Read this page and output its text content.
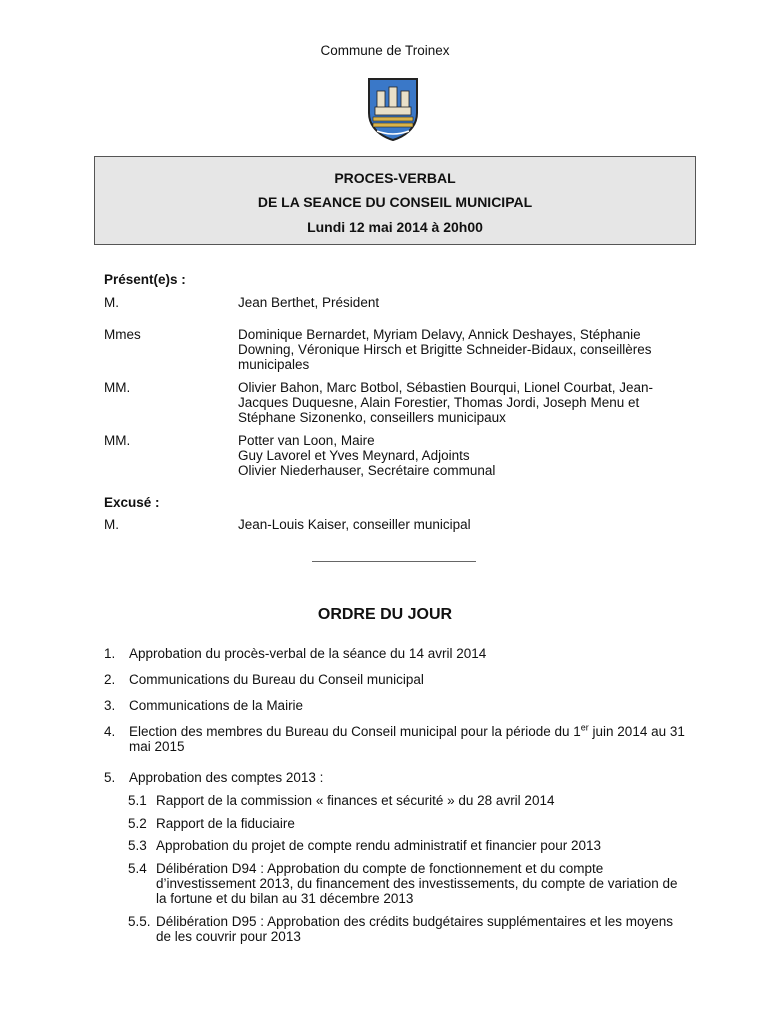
Commune de Troinex
PROCES-VERBAL
DE LA SEANCE DU CONSEIL MUNICIPAL
Lundi 12 mai 2014 à 20h00
Présent(e)s :
M.	Jean Berthet, Président
Mmes	Dominique Bernardet, Myriam Delavy, Annick Deshayes, Stéphanie Downing, Véronique Hirsch et Brigitte Schneider-Bidaux, conseillères municipales
MM.	Olivier Bahon, Marc Botbol, Sébastien Bourqui, Lionel Courbat, Jean-Jacques Duquesne, Alain Forestier, Thomas Jordi, Joseph Menu et Stéphane Sizonenko, conseillers municipaux
MM.	Potter van Loon, Maire
Guy Lavorel et Yves Meynard, Adjoints
Olivier Niederhauser, Secrétaire communal
Excusé :
M.	Jean-Louis Kaiser, conseiller municipal
ORDRE DU JOUR
1. Approbation du procès-verbal de la séance du 14 avril 2014
2. Communications du Bureau du Conseil municipal
3. Communications de la Mairie
4. Election des membres du Bureau du Conseil municipal pour la période du 1er juin 2014 au 31 mai 2015
5. Approbation des comptes 2013 :
5.1 Rapport de la commission « finances et sécurité » du 28 avril 2014
5.2 Rapport de la fiduciaire
5.3 Approbation du projet de compte rendu administratif et financier pour 2013
5.4 Délibération D94 : Approbation du compte de fonctionnement et du compte d’investissement 2013, du financement des investissements, du compte de variation de la fortune et du bilan au 31 décembre 2013
5.5. Délibération D95 : Approbation des crédits budgétaires supplémentaires et les moyens de les couvrir pour 2013
